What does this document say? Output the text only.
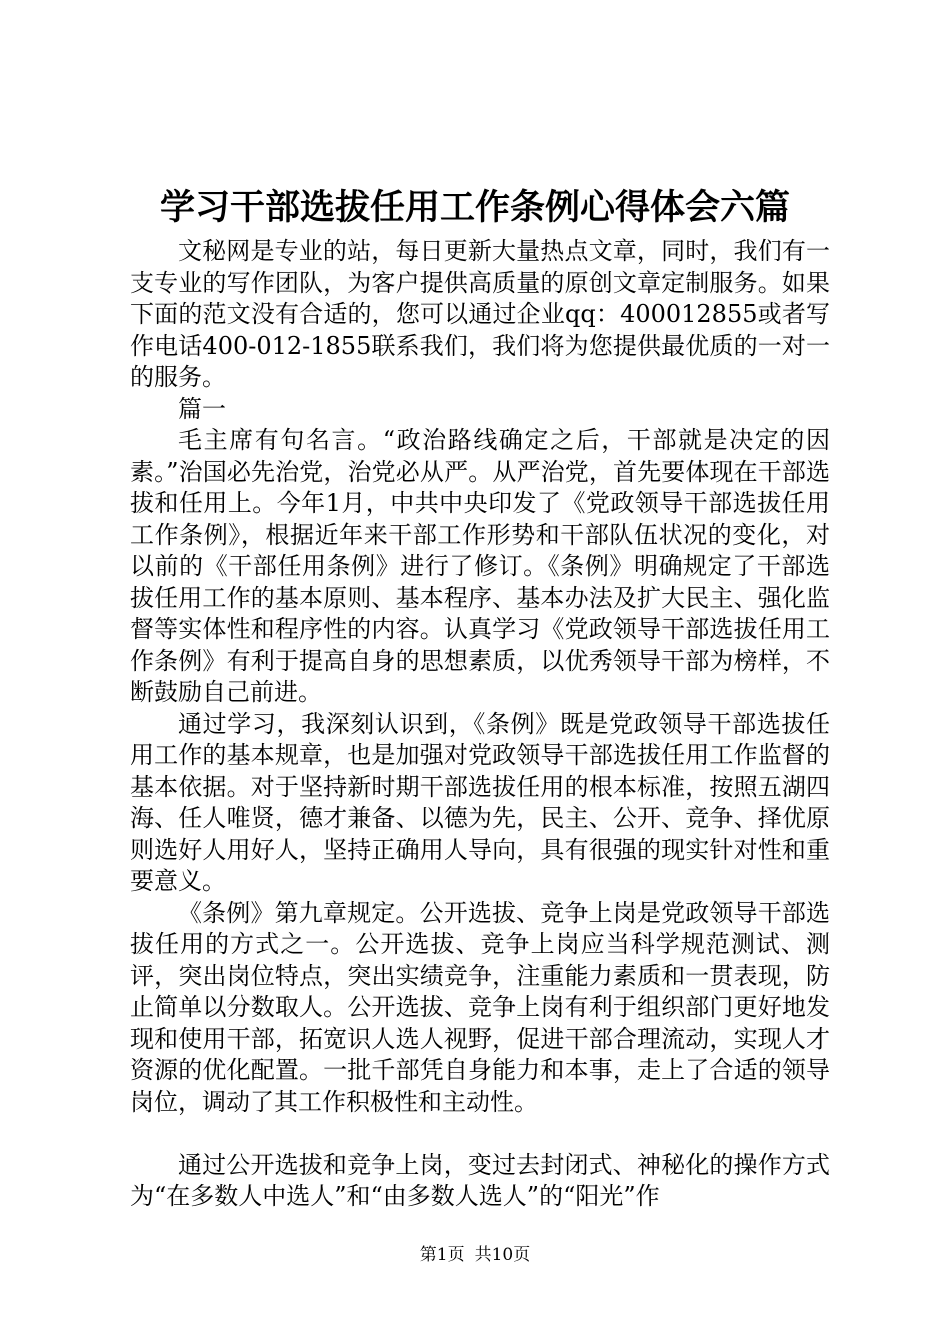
学习干部选拔任用工作条例心得体会六篇

文秘网是专业的站，每日更新大量热点文章，同时，我们有一支专业的写作团队，为客户提供高质量的原创文章定制服务。如果下面的范文没有合适的，您可以通过企业qq：400012855或者写作电话400-012-1855联系我们，我们将为您提供最优质的一对一的服务。

篇一

毛主席有句名言。“政治路线确定之后，干部就是决定的因素。”治国必先治党，治党必从严。从严治党，首先要体现在干部选拔和任用上。今年1月，中共中央印发了《党政领导干部选拔任用工作条例》，根据近年来干部工作形势和干部队伍状况的变化，对以前的《干部任用条例》进行了修订。《条例》明确规定了干部选拔任用工作的基本原则、基本程序、基本办法及扩大民主、强化监督等实体性和程序性的内容。认真学习《党政领导干部选拔任用工作条例》有利于提高自身的思想素质，以优秀领导干部为榜样，不断鼓励自己前进。

通过学习，我深刻认识到，《条例》既是党政领导干部选拔任用工作的基本规章，也是加强对党政领导干部选拔任用工作监督的基本依据。对于坚持新时期干部选拔任用的根本标准，按照五湖四海、任人唯贤，德才兼备、以德为先，民主、公开、竞争、择优原则选好人用好人，坚持正确用人导向，具有很强的现实针对性和重要意义。

《条例》第九章规定。公开选拔、竞争上岗是党政领导干部选拔任用的方式之一。公开选拔、竞争上岗应当科学规范测试、测评，突出岗位特点，突出实绩竞争，注重能力素质和一贯表现，防止简单以分数取人。公开选拔、竞争上岗有利于组织部门更好地发现和使用干部，拓宽识人选人视野，促进干部合理流动，实现人才资源的优化配置。一批千部凭自身能力和本事，走上了合适的领导岗位，调动了其工作积极性和主动性。

通过公开选拔和竞争上岗，变过去封闭式、神秘化的操作方式为“在多数人中选人”和“由多数人选人”的“阳光”作

第1页 共10页
